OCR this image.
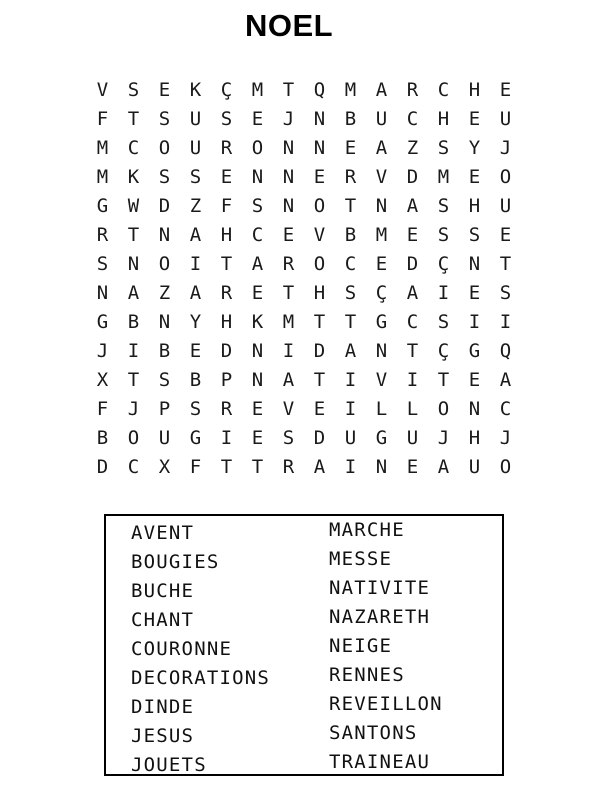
NOEL
V	S	E	K	Ç	M	T	Q	M	A	R	C	H	E
F	T	S	U	S	E	J	N	B	U	C	H	E	U
M	C	O	U	R	O	N	N	E	A	Z	S	Y	J
M	K	S	S	E	N	N	E	R	V	D	M	E	O
G	W	D	Z	F	S	N	O	T	N	A	S	H	U
R	T	N	A	H	C	E	V	B	M	E	S	S	E
S	N	O	I	T	A	R	O	C	E	D	Ç	N	T
N	A	Z	A	R	E	T	H	S	Ç	A	I	E	S
G	B	N	Y	H	K	M	T	T	G	C	S	I	I
J	I	B	E	D	N	I	D	A	N	T	Ç	G	Q
X	T	S	B	P	N	A	T	I	V	I	T	E	A
F	J	P	S	R	E	V	E	I	L	L	O	N	C
B	O	U	G	I	E	S	D	U	G	U	J	H	J
D	C	X	F	T	T	R	A	I	N	E	A	U	O
AVENT
BOUGIES
BUCHE
CHANT
COURONNE
DECORATIONS
DINDE
JESUS
JOUETS
MARCHE
MESSE
NATIVITE
NAZARETH
NEIGE
RENNES
REVEILLON
SANTONS
TRAINEAU
